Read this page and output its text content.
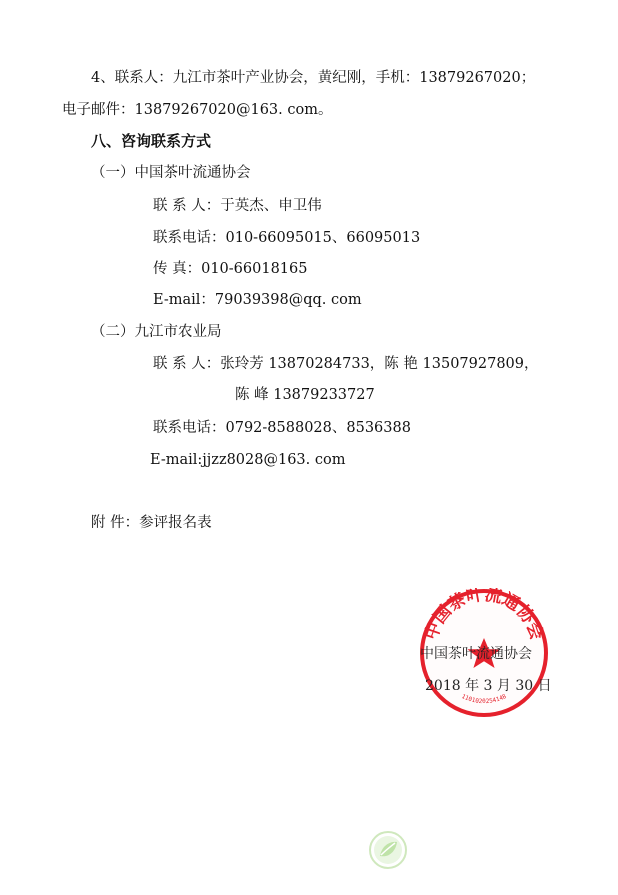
4、联系人：九江市茶叶产业协会，黄纪刚，手机：13879267020；
电子邮件：13879267020@163. com。
八、咨询联系方式
（一）中国茶叶流通协会
联 系 人：于英杰、申卫伟
联系电话：010-66095015、66095013
传 真：010-66018165
E-mail：79039398@qq. com
（二）九江市农业局
联 系 人：张玲芳 13870284733，陈 艳 13507927809，
陈 峰 13879233727
联系电话：0792-8588028、8536388
E-mail:jjzz8028@163. com
附 件：参评报名表
中国茶叶流通协会
1101020254148
中国茶叶流通协会
2018 年 3 月 30 日
